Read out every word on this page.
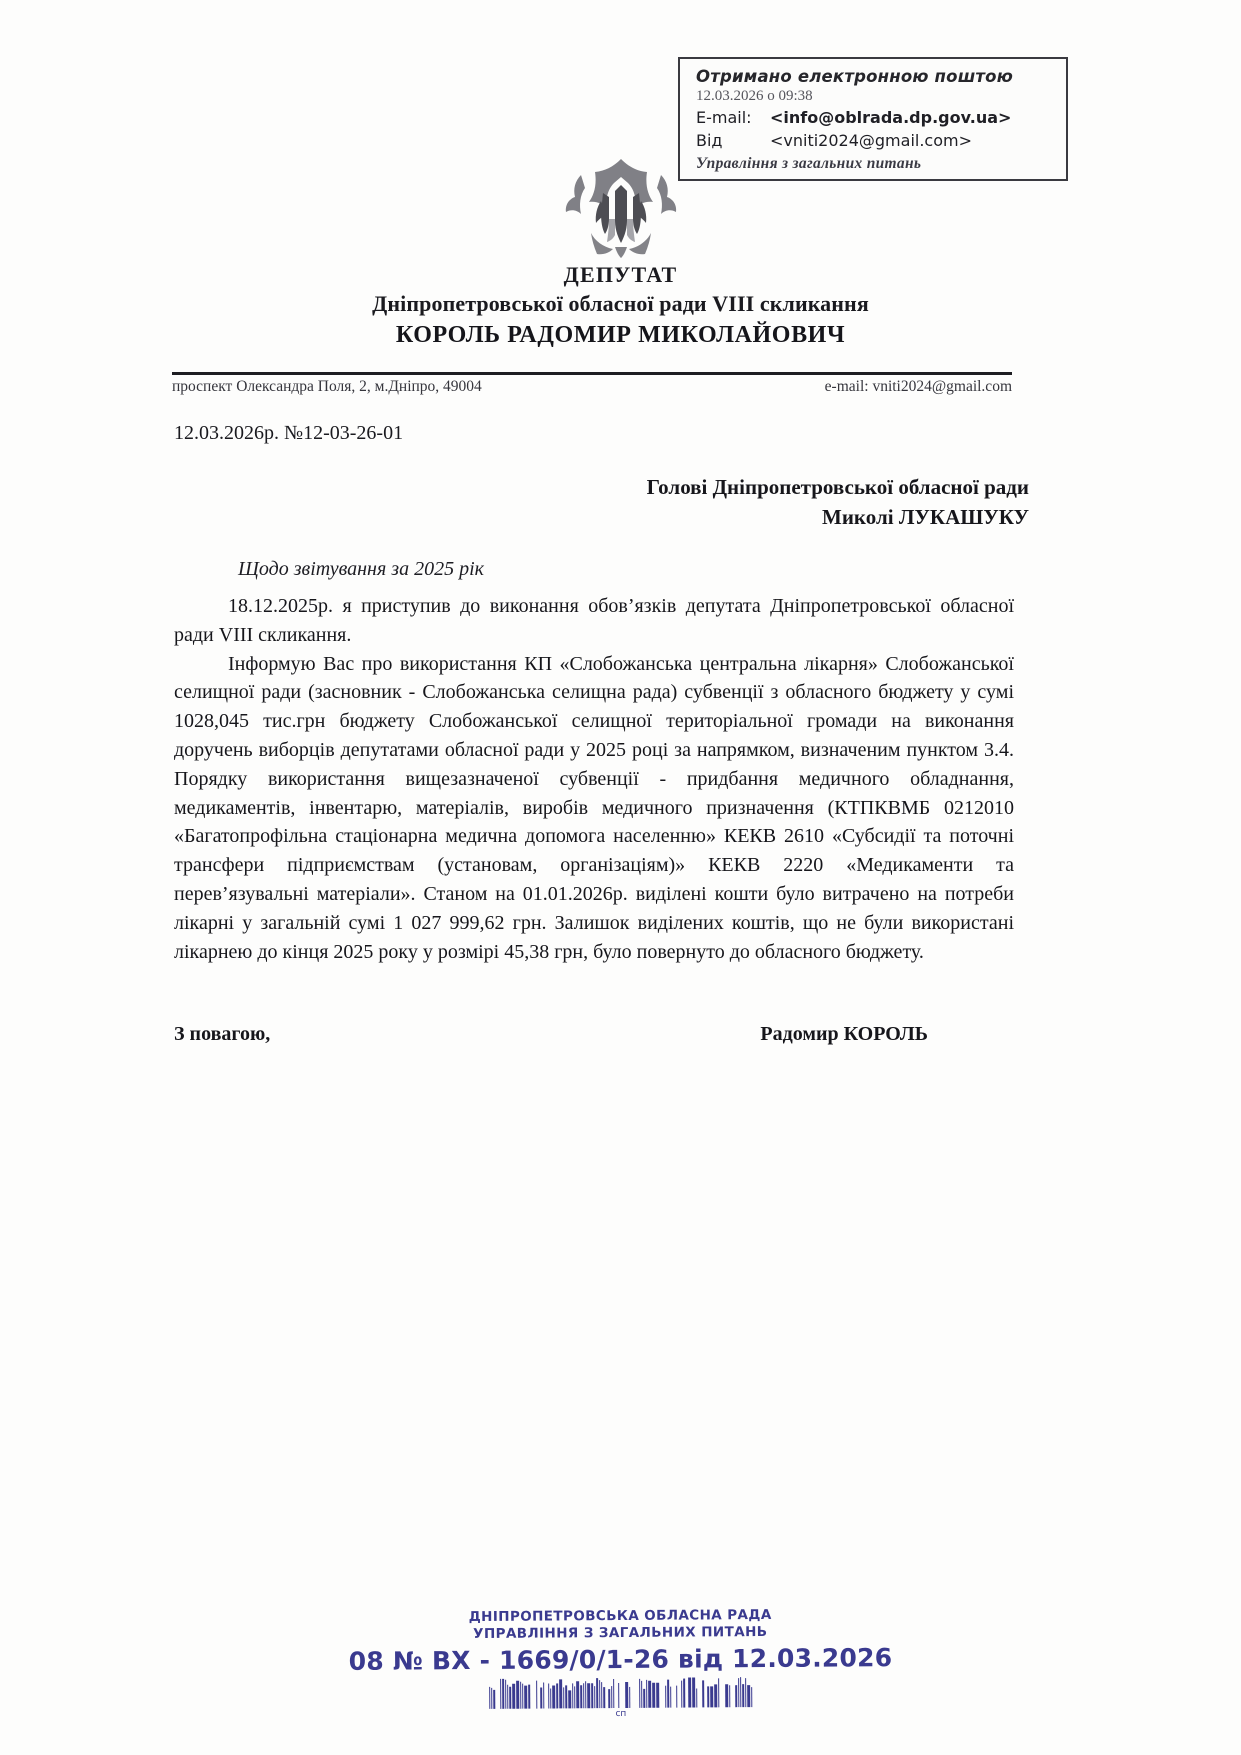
Отримано електронною поштою
12.03.2026 о 09:38
E-mail:	<info@oblrada.dp.gov.ua>
Від	<vniti2024@gmail.com>
Управління з загальних питань
ДЕПУТАТ
Дніпропетровської обласної ради VIII скликання
КОРОЛЬ РАДОМИР МИКОЛАЙОВИЧ
проспект Олександра Поля, 2, м.Дніпро, 49004	e-mail: vniti2024@gmail.com
12.03.2026р. №12-03-26-01
Голові Дніпропетровської обласної ради
Миколі ЛУКАШУКУ
Щодо звітування за 2025 рік

18.12.2025р. я приступив до виконання обов’язків депутата Дніпропетровської обласної ради VІІІ скликання.

Інформую Вас про використання КП «Слобожанська центральна лікарня» Слобожанської селищної ради (засновник - Слобожанська селищна рада) субвенції з обласного бюджету у сумі 1028,045 тис.грн бюджету Слобожанської селищної територіальної громади на виконання доручень виборців депутатами обласної ради у 2025 році за напрямком, визначеним пунктом 3.4. Порядку використання вищезазначеної субвенції - придбання медичного обладнання, медикаментів, інвентарю, матеріалів, виробів медичного призначення (КТПКВМБ 0212010 «Багатопрофільна стаціонарна медична допомога населенню» КЕКВ 2610 «Субсидії та поточні трансфери підприємствам (установам, організаціям)» КЕКВ 2220 «Медикаменти та перев’язувальні матеріали». Станом на 01.01.2026р. виділені кошти було витрачено на потреби лікарні у загальній сумі 1 027 999,62 грн. Залишок виділених коштів, що не були використані лікарнею до кінця 2025 року у розмірі 45,38 грн, було повернуто до обласного бюджету.

З повагою,	Радомир КОРОЛЬ
ДНІПРОПЕТРОВСЬКА ОБЛАСНА РАДА
УПРАВЛІННЯ З ЗАГАЛЬНИХ ПИТАНЬ
08 № ВХ - 1669/0/1-26 від 12.03.2026
сп
